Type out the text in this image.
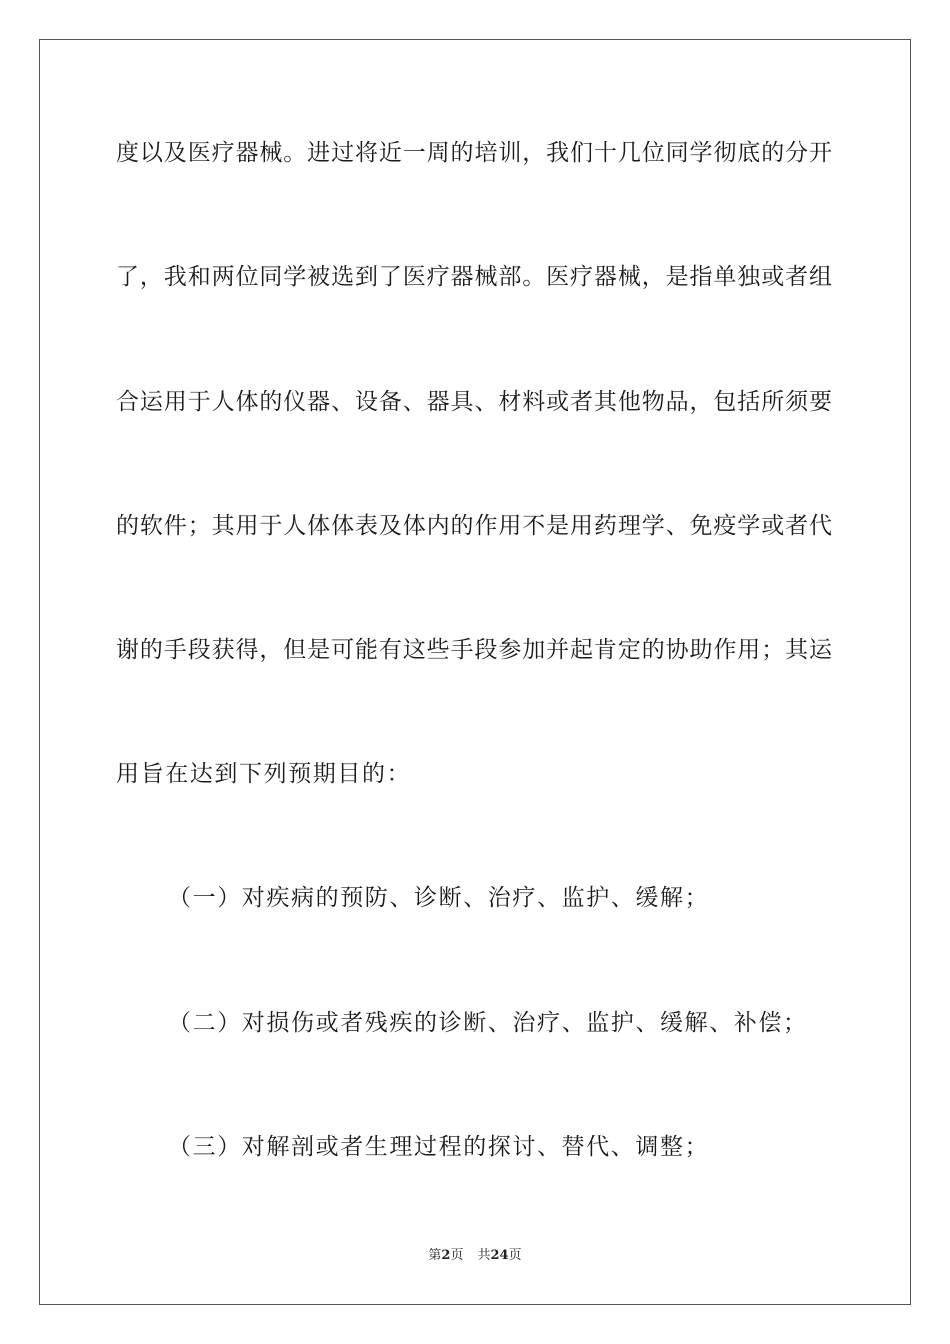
度以及医疗器械。进过将近一周的培训，我们十几位同学彻底的分开
了，我和两位同学被选到了医疗器械部。医疗器械，是指单独或者组
合运用于人体的仪器、设备、器具、材料或者其他物品，包括所须要
的软件；其用于人体体表及体内的作用不是用药理学、免疫学或者代
谢的手段获得，但是可能有这些手段参加并起肯定的协助作用；其运
用旨在达到下列预期目的：
（一）对疾病的预防、诊断、治疗、监护、缓解；
（二）对损伤或者残疾的诊断、治疗、监护、缓解、补偿；
（三）对解剖或者生理过程的探讨、替代、调整；
第2页 共24页
